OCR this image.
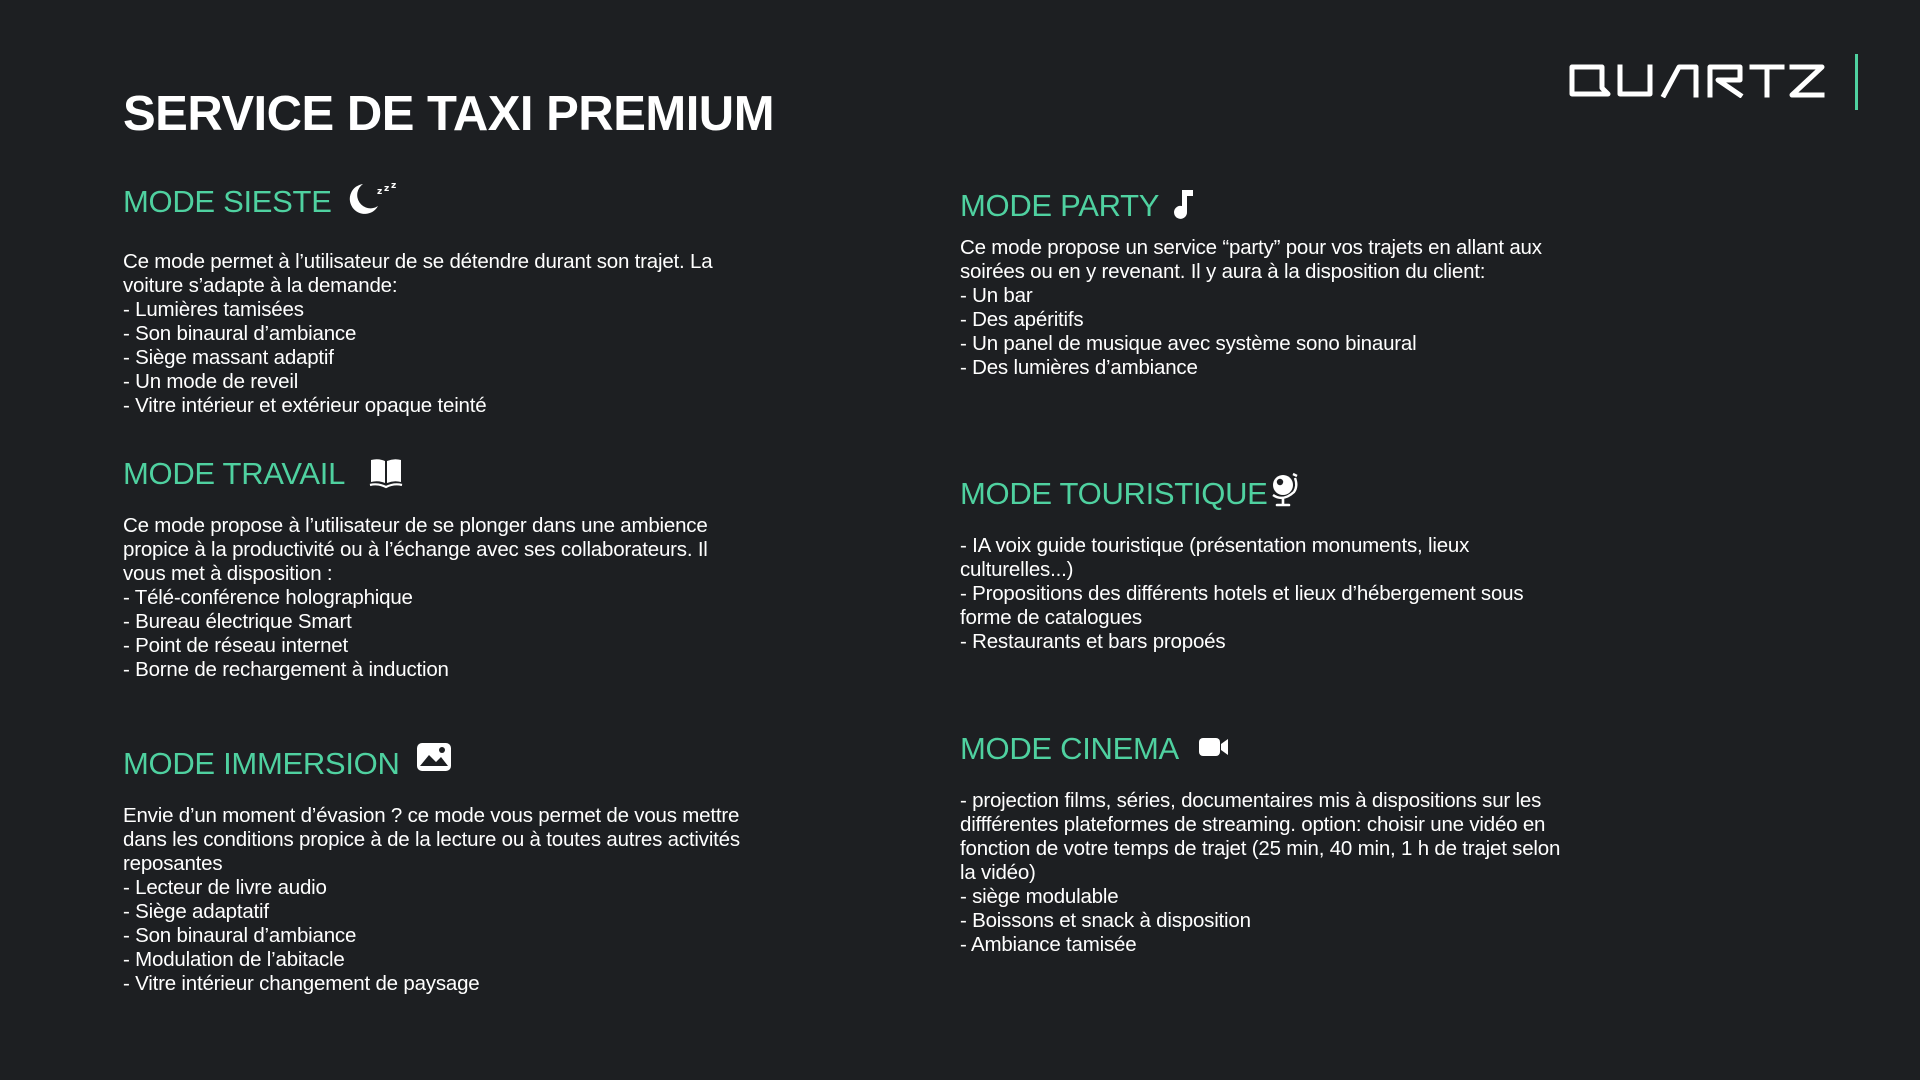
SERVICE DE TAXI PREMIUM
QUARTZ
MODE SIESTE	z z z

Ce mode permet à l’utilisateur de se détendre durant son trajet. La voiture s’adapte à la demande:

- Lumières tamisées
- Son binaural d’ambiance
- Siège massant adaptif
- Un mode de reveil
- Vitre intérieur et extérieur opaque teinté
MODE TRAVAIL

Ce mode propose à l’utilisateur de se plonger dans une ambience propice à la productivité ou à l’échange avec ses collaborateurs. Il vous met à disposition :

- Télé-conférence holographique
- Bureau électrique Smart
- Point de réseau internet
- Borne de rechargement à induction
MODE IMMERSION

Envie d’un moment d’évasion ? ce mode vous permet de vous mettre dans les conditions propice à de la lecture ou à toutes autres activités reposantes

- Lecteur de livre audio
- Siège adaptatif
- Son binaural d’ambiance
- Modulation de l’abitacle
- Vitre intérieur changement de paysage
MODE PARTY

Ce mode propose un service “party” pour vos trajets en allant aux soirées ou en y revenant. Il y aura à la disposition du client:

- Un bar
- Des apéritifs
- Un panel de musique avec système sono binaural
- Des lumières d’ambiance
MODE TOURISTIQUE
- IA voix guide touristique (présentation monuments, lieux culturelles...)
- Propositions des différents hotels et lieux d’hébergement sous forme de catalogues
- Restaurants et bars propoés
MODE CINEMA

- projection films, séries, documentaires mis à dispositions sur les diffférentes plateformes de streaming. option: choisir une vidéo en fonction de votre temps de trajet (25 min, 40 min, 1 h de trajet selon la vidéo)

- siège modulable
- Boissons et snack à disposition
- Ambiance tamisée
